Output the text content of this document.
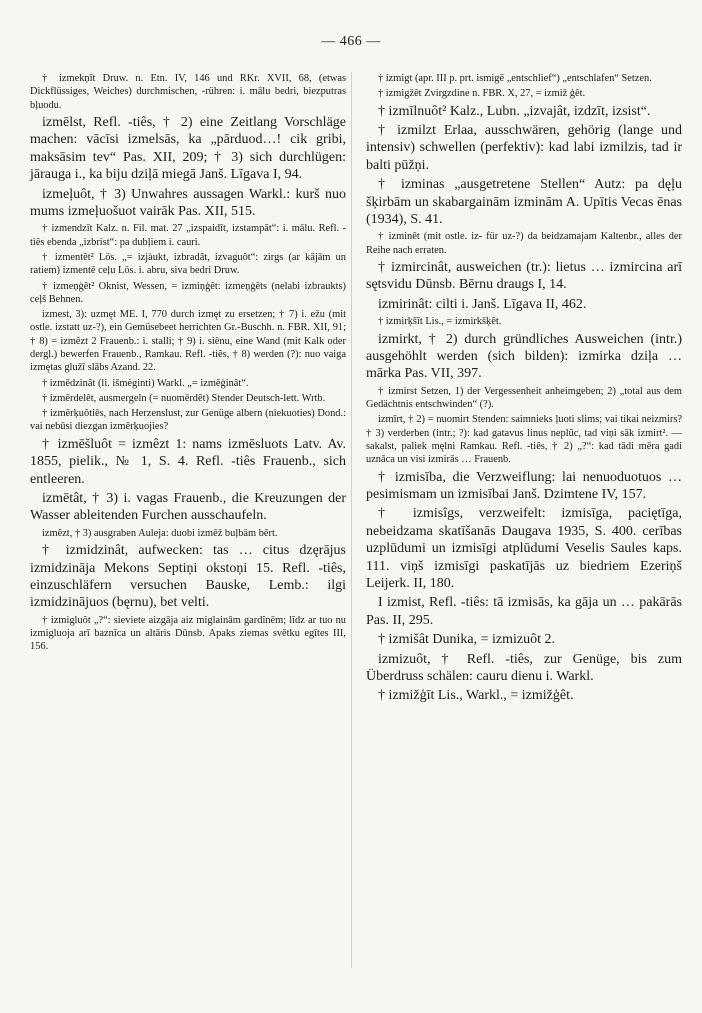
— 466 —

† izmekņīt Druw. n. Etn. IV, 146 und RKr. XVII, 68, (etwas Dickflüssiges, Weiches) durchmischen, -rühren: i. mālu bedri, biezputras bļuodu.

izmēlst, Refl. -tiês, † 2) eine Zeitlang Vorschläge machen: vācīsi izmelsās, ka „pārduod…! cik gribi, maksāsim tev“ Pas. XII, 209; † 3) sich durchlügen: jārauga i., ka biju dziļā miegā Janš. Līgava I, 94.

izmeļuôt, † 3) Unwahres aussagen Warkl.: kurš nuo mums izmeļuošuot vairāk Pas. XII, 515.

† izmendzīt Kalz. n. Fil. mat. 27 „izspaidīt, izstampāt“: i. mālu. Refl. -tiês ebenda „izbrist“: pa dubļiem i. cauri.

† izmentêt² Lös. „= izjàukt, izbradât, izvaguôt“: zirgs (ar kājām un ratiem) izmentē ceļu Lös. i. abru, siva bedri Druw.

† izmeņģêt² Oknist, Wessen, = izmiņģêt: izmeņģēts (nelabi izbraukts) ceļš Behnen.

izmest, 3): uzmęt ME. I, 770 durch izmęt zu ersetzen; † 7) i. ežu (mit ostle. izstatt uz-?), ein Gemüsebeet herrichten Gr.-Buschh. n. FBR. XII, 91; † 8) = izmêzt 2 Frauenb.: i. stalli; † 9) i. siênu, eine Wand (mit Kalk oder dergl.) bewerfen Frauenb., Ramkau. Refl. -tiês, † 8) werden (?): nuo vaiga izmętas glužī slābs Azand. 22.

† izmēdzinât (li. išmėginti) Warkl. „= izmēģinât“.

† izmērdelêt, ausmergeln (= nuomērdêt) Stender Deutsch-lett. Wrtb.

† izmērķuôtiês, nach Herzenslust, zur Genüge albern (niekuoties) Dond.: vai nebūsi diezgan izmērķuojies?

† izmēšluôt = izmêzt 1: nams izmēsluots Latv. Av. 1855, pielik., № 1, S. 4. Refl. -tiês Frauenb., sich entleeren.

izmētât, † 3) i. vagas Frauenb., die Kreuzungen der Wasser ableitenden Furchen ausschaufeln.

izmêzt, † 3) ausgraben Auleja: duobi izmēž buļbām bērt.

† izmidzinât, aufwecken: tas … citus dzęrājus izmidzināja Mekons Septiņi okstoņi 15. Refl. -tiês, einzuschläfern versuchen Bauske, Lemb.: ilgi izmidzinājuos (bęrnu), bet velti.

† izmigluôt „?“: sieviete aizgāja aiz miglainām gardînēm; līdz ar tuo nu izmigluoja arī baznīca un altāris Dūnsb. Apaks ziemas svētku egītes III, 156.

† izmigt (apr. III p. prt. ismigē „entschlief“) „entschlafen“ Setzen.

† izmigžêt Zvirgzdine n. FBR. X, 27, = izmiž ģêt.

† izmīlnuôt² Kalz., Lubn. „izvajât, izdzīt, izsist“.

† izmilzt Erlaa, ausschwären, gehörig (lange und intensiv) schwellen (perfektiv): kad labi izmilzis, tad ir balti pūžņi.

† izminas „ausgetretene Stellen“ Autz: pa dęļu šķirbām un skabargainām izminām A. Upītis Vecas ēnas (1934), S. 41.

† izminêt (mit ostle. iz- für uz-?) da beidzamajam Kaltenbr., alles der Reihe nach erraten.

† izmircinât, ausweichen (tr.): lietus … izmircina arī sętsvidu Dūnsb. Bērnu draugs I, 14.

izmirinât: cilti i. Janš. Līgava II, 462.

† izmirķšīt Lis., = izmirkšķêt.

izmirkt, † 2) durch gründliches Ausweichen (intr.) ausgehöhlt werden (sich bilden): izmirka dziļa … mārka Pas. VII, 397.

† izmirst Setzen, 1) der Vergessenheit anheimgeben; 2) „total aus dem Gedächtnis entschwinden“ (?).

izmīrt, † 2) = nuomirt Stenden: saimnieks ļuoti slims; vai tikai neizmirs? † 3) verderben (intr.; ?): kad gatavus linus neplūc, tad viņi sāk izmirt². — sakalst, paliek męlni Ramkau. Refl. -tiês, † 2) „?“: kad tādi mēra gadi uznāca un visi izmirās … Frauenb.

† izmisība, die Verzweiflung: lai nenuoduotuos … pesimismam un izmisībai Janš. Dzimtene IV, 157.

† izmisîgs, verzweifelt: izmisīga, paciętīga, nebeidzama skatīšanās Daugava 1935, S. 400. cerības uzplūdumi un izmisīgi atplūdumi Veselis Saules kaps. 111. viņš izmisīgi paskatījās uz biedriem Ezeriņš Leijerk. II, 180.

I izmist, Refl. -tiês: tā izmisās, ka gāja un … pakārās Pas. II, 295.

† izmišât Dunika, = izmizuôt 2.

izmizuôt, † Refl. -tiês, zur Genüge, bis zum Überdruss schälen: cauru dienu i. Warkl.

† izmižģīt Lis., Warkl., = izmižģêt.
